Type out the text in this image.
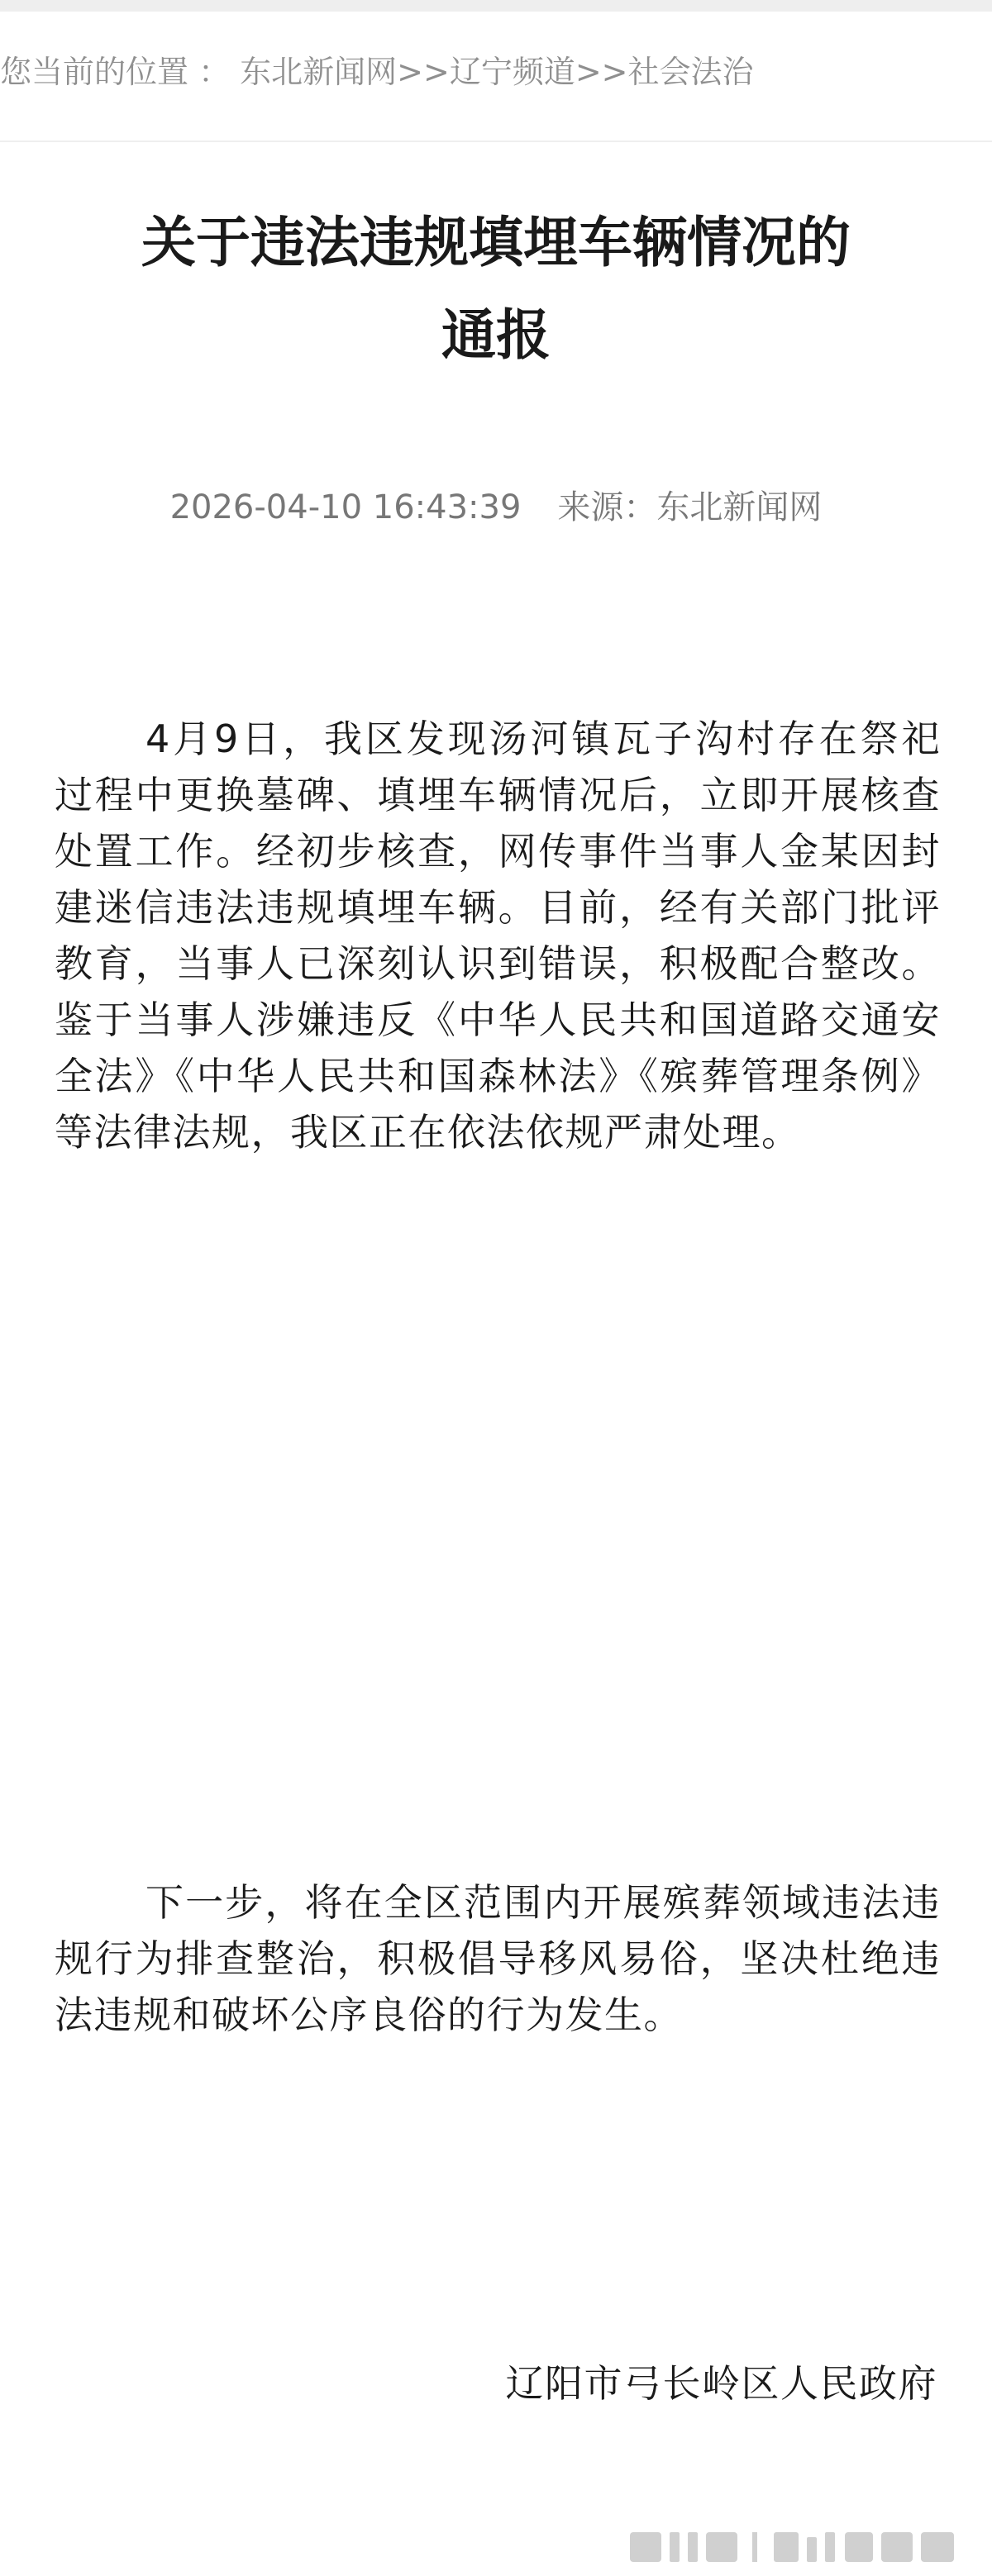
您当前的位置 ： 东北新闻网>>辽宁频道>>社会法治
关于违法违规填埋车辆情况的
通报
2026-04-10 16:43:39 来源：东北新闻网

4月9日，我区发现汤河镇瓦子沟村存在祭祀过程中更换墓碑、填埋车辆情况后，立即开展核查处置工作。经初步核查，网传事件当事人金某因封建迷信违法违规填埋车辆。目前，经有关部门批评教育，当事人已深刻认识到错误，积极配合整改。鉴于当事人涉嫌违反《中华人民共和国道路交通安全法》《中华人民共和国森林法》《殡葬管理条例》等法律法规，我区正在依法依规严肃处理。

下一步，将在全区范围内开展殡葬领域违法违规行为排查整治，积极倡导移风易俗，坚决杜绝违法违规和破坏公序良俗的行为发生。

辽阳市弓长岭区人民政府
